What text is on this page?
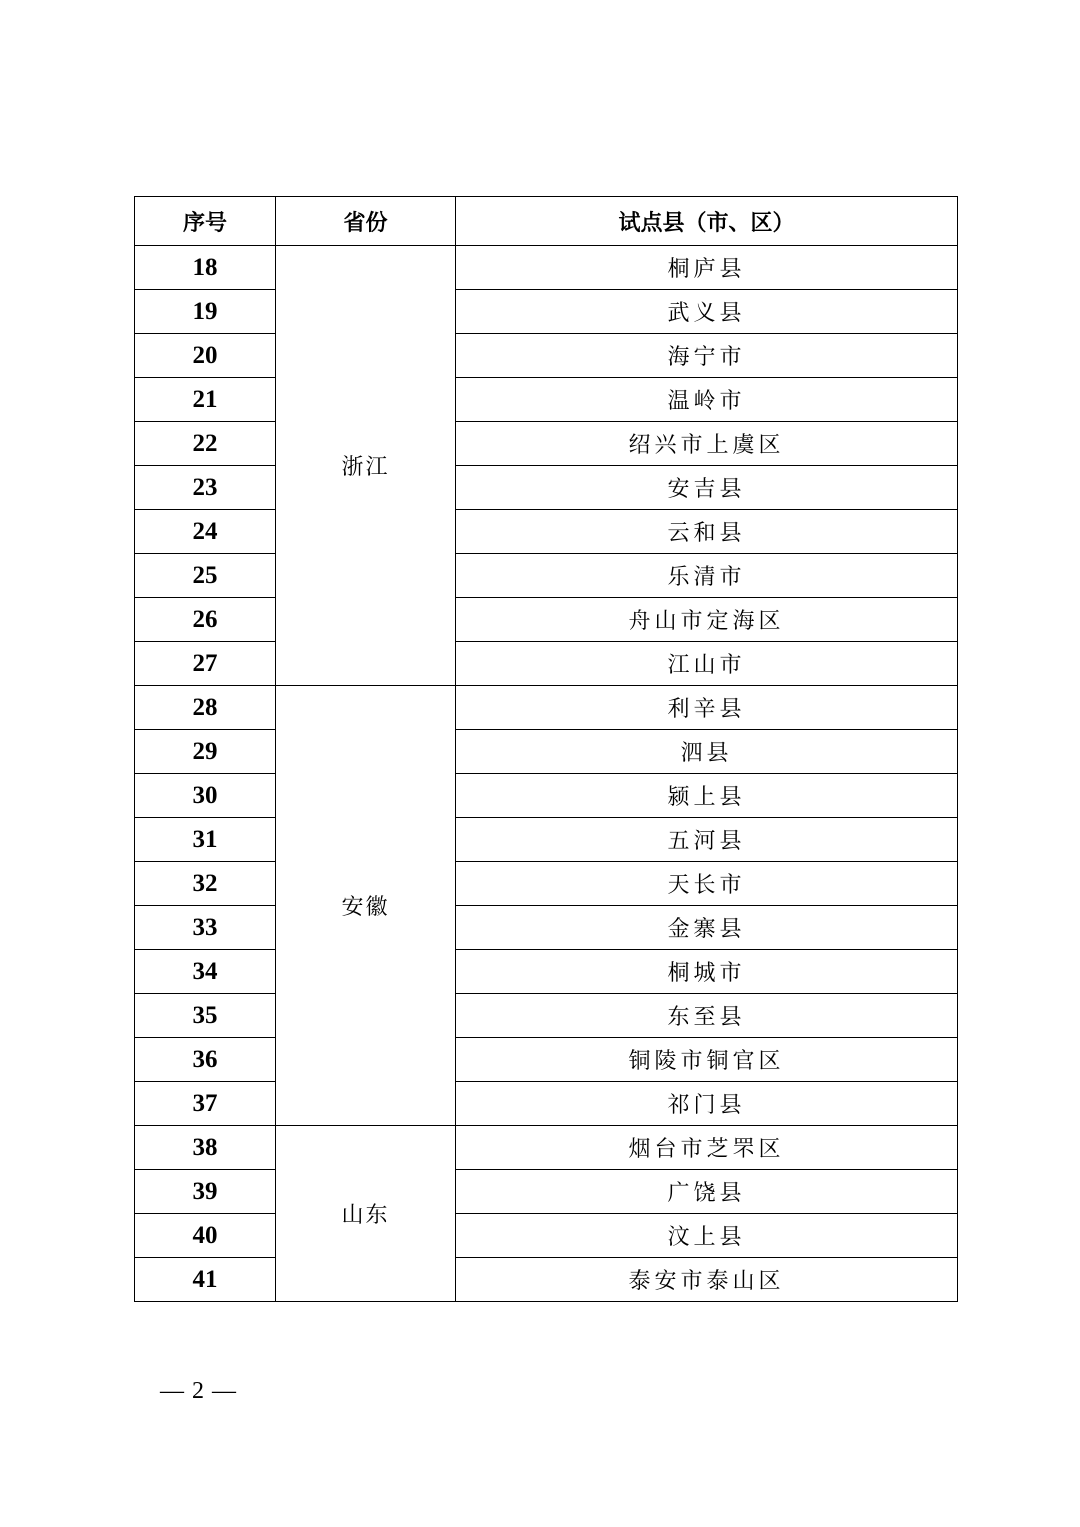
序号	省份	试点县（市、区）
18	浙江	桐庐县
19		武义县
20		海宁市
21		温岭市
22		绍兴市上虞区
23		安吉县
24		云和县
25		乐清市
26		舟山市定海区
27		江山市
28	安徽	利辛县
29		泗县
30		颍上县
31		五河县
32		天长市
33		金寨县
34		桐城市
35		东至县
36		铜陵市铜官区
37		祁门县
38	山东	烟台市芝罘区
39		广饶县
40		汶上县
41		泰安市泰山区
— 2 —
